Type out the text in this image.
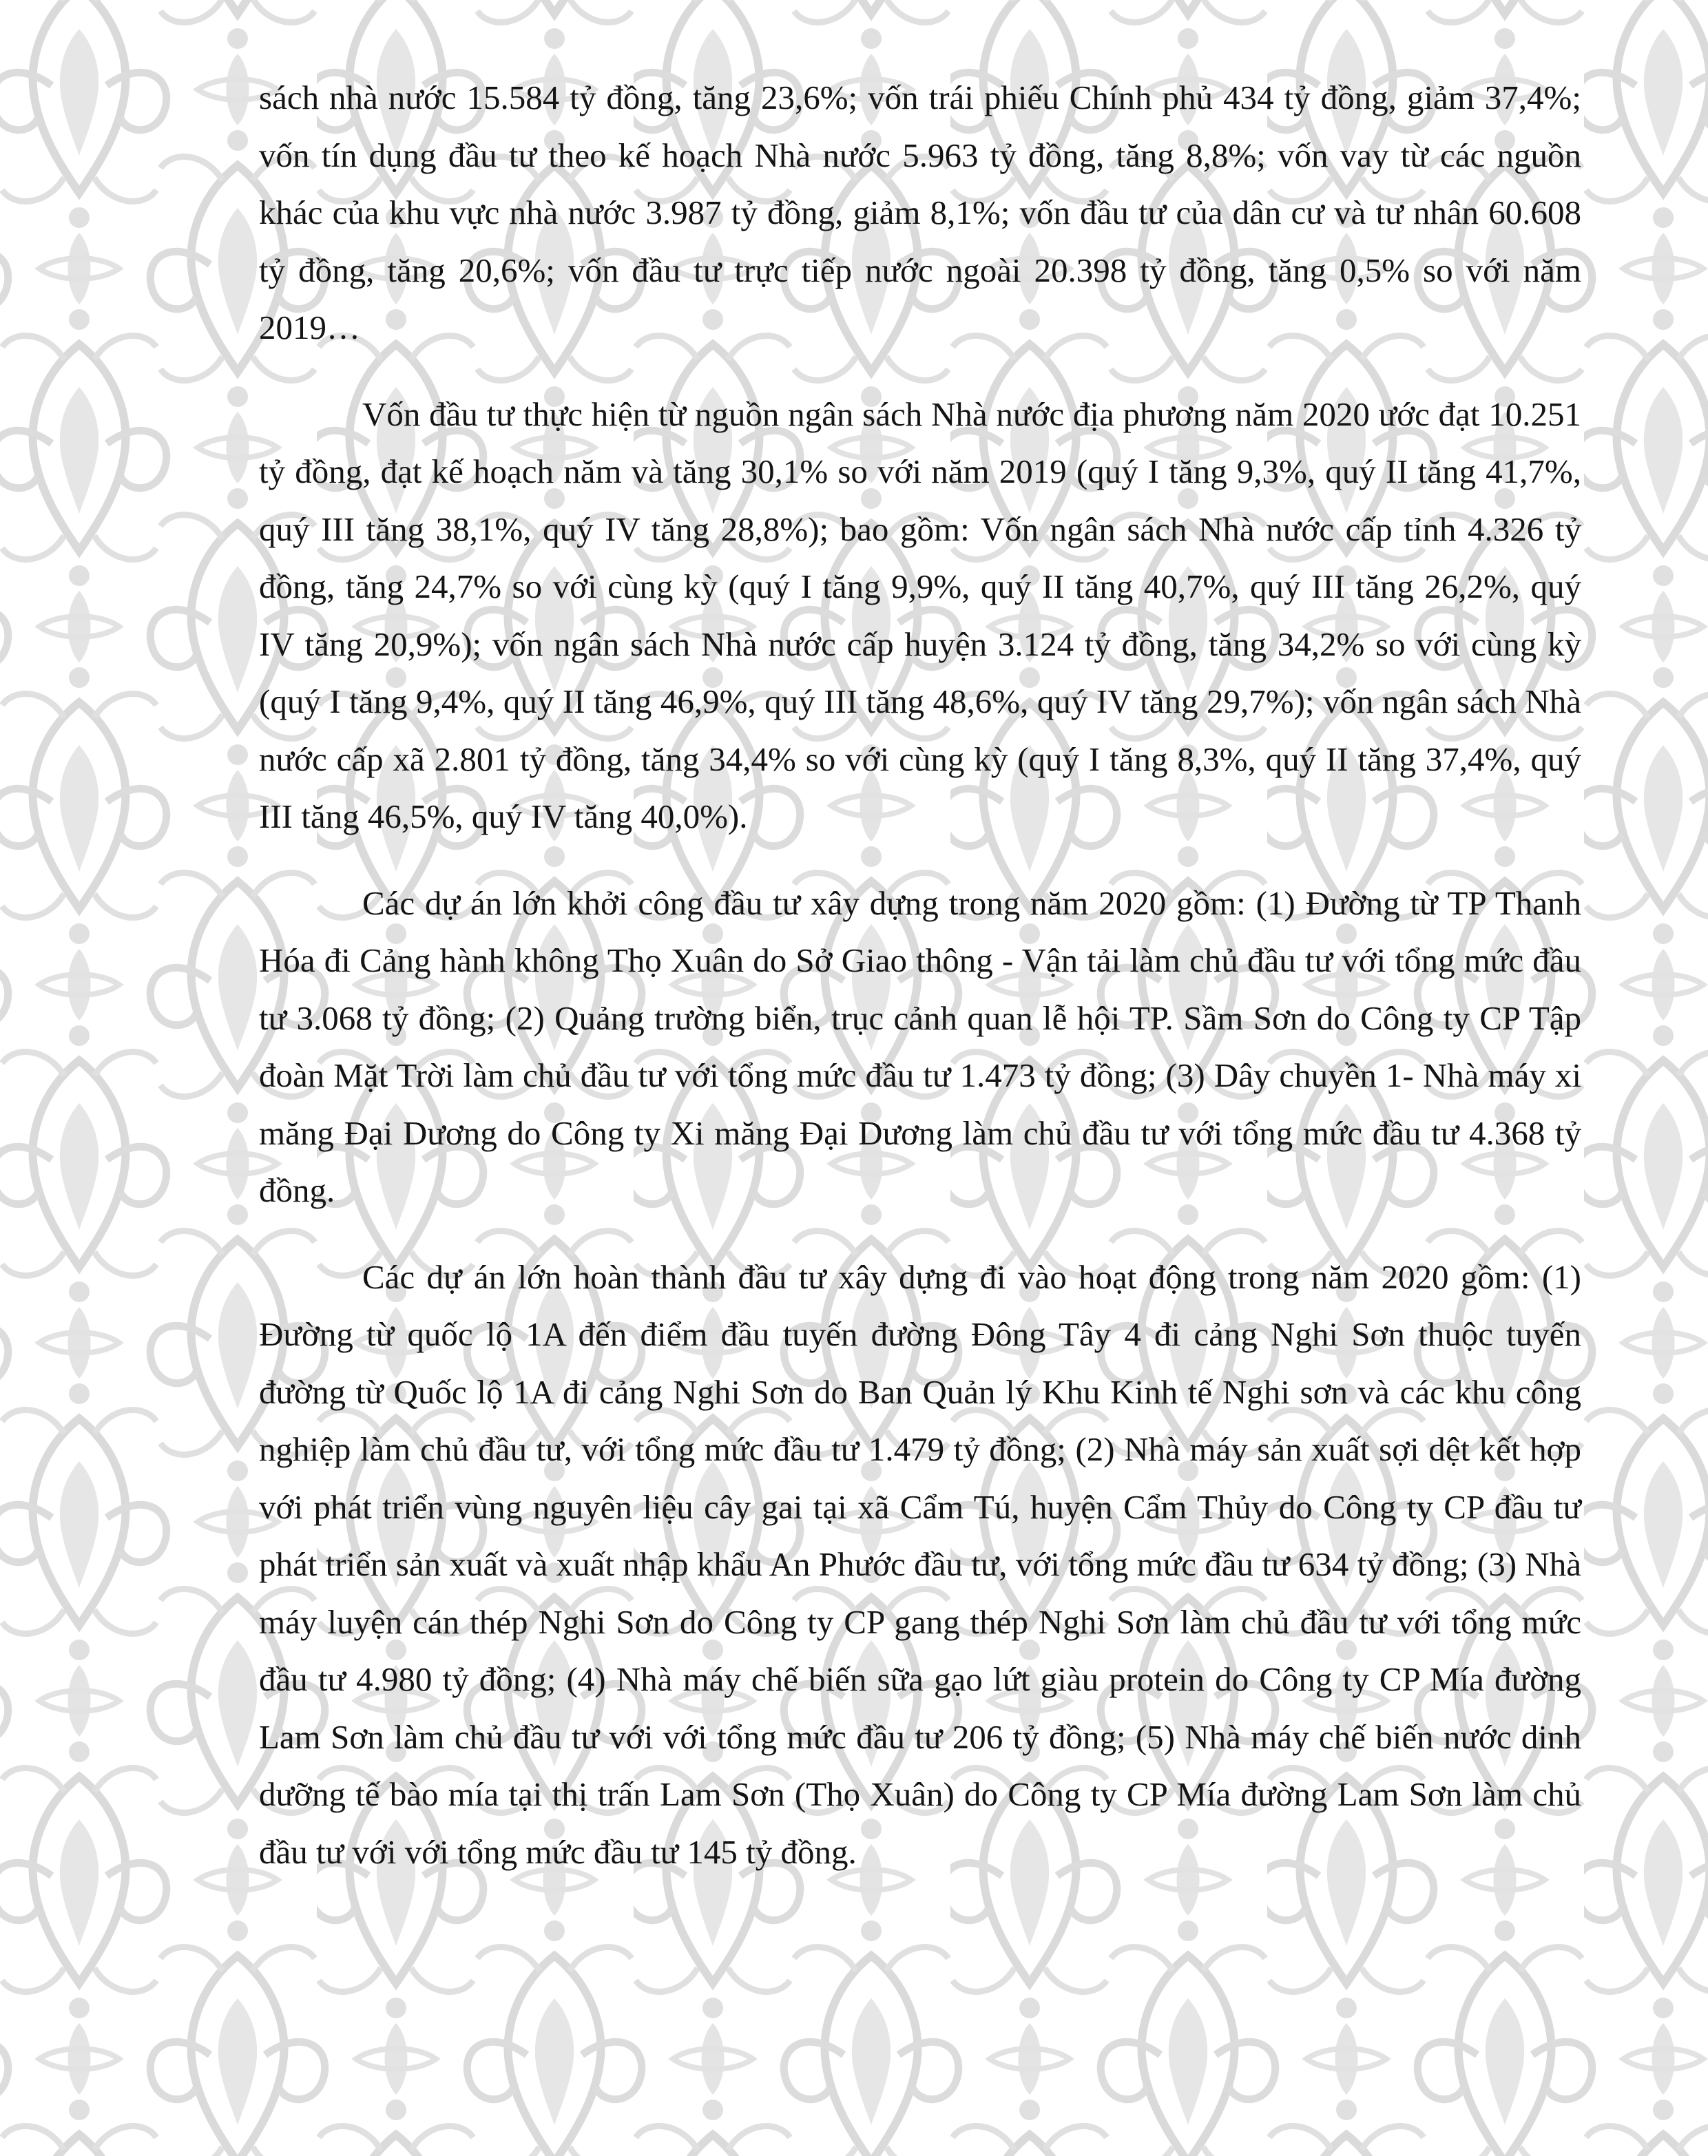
sách nhà nước 15.584 tỷ đồng, tăng 23,6%; vốn trái phiếu Chính phủ 434 tỷ đồng, giảm 37,4%; vốn tín dụng đầu tư theo kế hoạch Nhà nước 5.963 tỷ đồng, tăng 8,8%; vốn vay từ các nguồn khác của khu vực nhà nước 3.987 tỷ đồng, giảm 8,1%; vốn đầu tư của dân cư và tư nhân 60.608 tỷ đồng, tăng 20,6%; vốn đầu tư trực tiếp nước ngoài 20.398 tỷ đồng, tăng 0,5% so với năm 2019…

Vốn đầu tư thực hiện từ nguồn ngân sách Nhà nước địa phương năm 2020 ước đạt 10.251 tỷ đồng, đạt kế hoạch năm và tăng 30,1% so với năm 2019 (quý I tăng 9,3%, quý II tăng 41,7%, quý III tăng 38,1%, quý IV tăng 28,8%); bao gồm: Vốn ngân sách Nhà nước cấp tỉnh 4.326 tỷ đồng, tăng 24,7% so với cùng kỳ (quý I tăng 9,9%, quý II tăng 40,7%, quý III tăng 26,2%, quý IV tăng 20,9%); vốn ngân sách Nhà nước cấp huyện 3.124 tỷ đồng, tăng 34,2% so với cùng kỳ (quý I tăng 9,4%, quý II tăng 46,9%, quý III tăng 48,6%, quý IV tăng 29,7%); vốn ngân sách Nhà nước cấp xã 2.801 tỷ đồng, tăng 34,4% so với cùng kỳ (quý I tăng 8,3%, quý II tăng 37,4%, quý III tăng 46,5%, quý IV tăng 40,0%).

Các dự án lớn khởi công đầu tư xây dựng trong năm 2020 gồm: (1) Đường từ TP Thanh Hóa đi Cảng hành không Thọ Xuân do Sở Giao thông - Vận tải làm chủ đầu tư với tổng mức đầu tư 3.068 tỷ đồng; (2) Quảng trường biển, trục cảnh quan lễ hội TP. Sầm Sơn do Công ty CP Tập đoàn Mặt Trời làm chủ đầu tư với tổng mức đầu tư 1.473 tỷ đồng; (3) Dây chuyền 1- Nhà máy xi măng Đại Dương do Công ty Xi măng Đại Dương làm chủ đầu tư với tổng mức đầu tư 4.368 tỷ đồng.

Các dự án lớn hoàn thành đầu tư xây dựng đi vào hoạt động trong năm 2020 gồm: (1) Đường từ quốc lộ 1A đến điểm đầu tuyến đường Đông Tây 4 đi cảng Nghi Sơn thuộc tuyến đường từ Quốc lộ 1A đi cảng Nghi Sơn do Ban Quản lý Khu Kinh tế Nghi sơn và các khu công nghiệp làm chủ đầu tư, với tổng mức đầu tư 1.479 tỷ đồng; (2) Nhà máy sản xuất sợi dệt kết hợp với phát triển vùng nguyên liệu cây gai tại xã Cẩm Tú, huyện Cẩm Thủy do Công ty CP đầu tư phát triển sản xuất và xuất nhập khẩu An Phước đầu tư, với tổng mức đầu tư 634 tỷ đồng; (3) Nhà máy luyện cán thép Nghi Sơn do Công ty CP gang thép Nghi Sơn làm chủ đầu tư với tổng mức đầu tư 4.980 tỷ đồng; (4) Nhà máy chế biến sữa gạo lứt giàu protein do Công ty CP Mía đường Lam Sơn làm chủ đầu tư với với tổng mức đầu tư 206 tỷ đồng; (5) Nhà máy chế biến nước dinh dưỡng tế bào mía tại thị trấn Lam Sơn (Thọ Xuân) do Công ty CP Mía đường Lam Sơn làm chủ đầu tư với với tổng mức đầu tư 145 tỷ đồng.
